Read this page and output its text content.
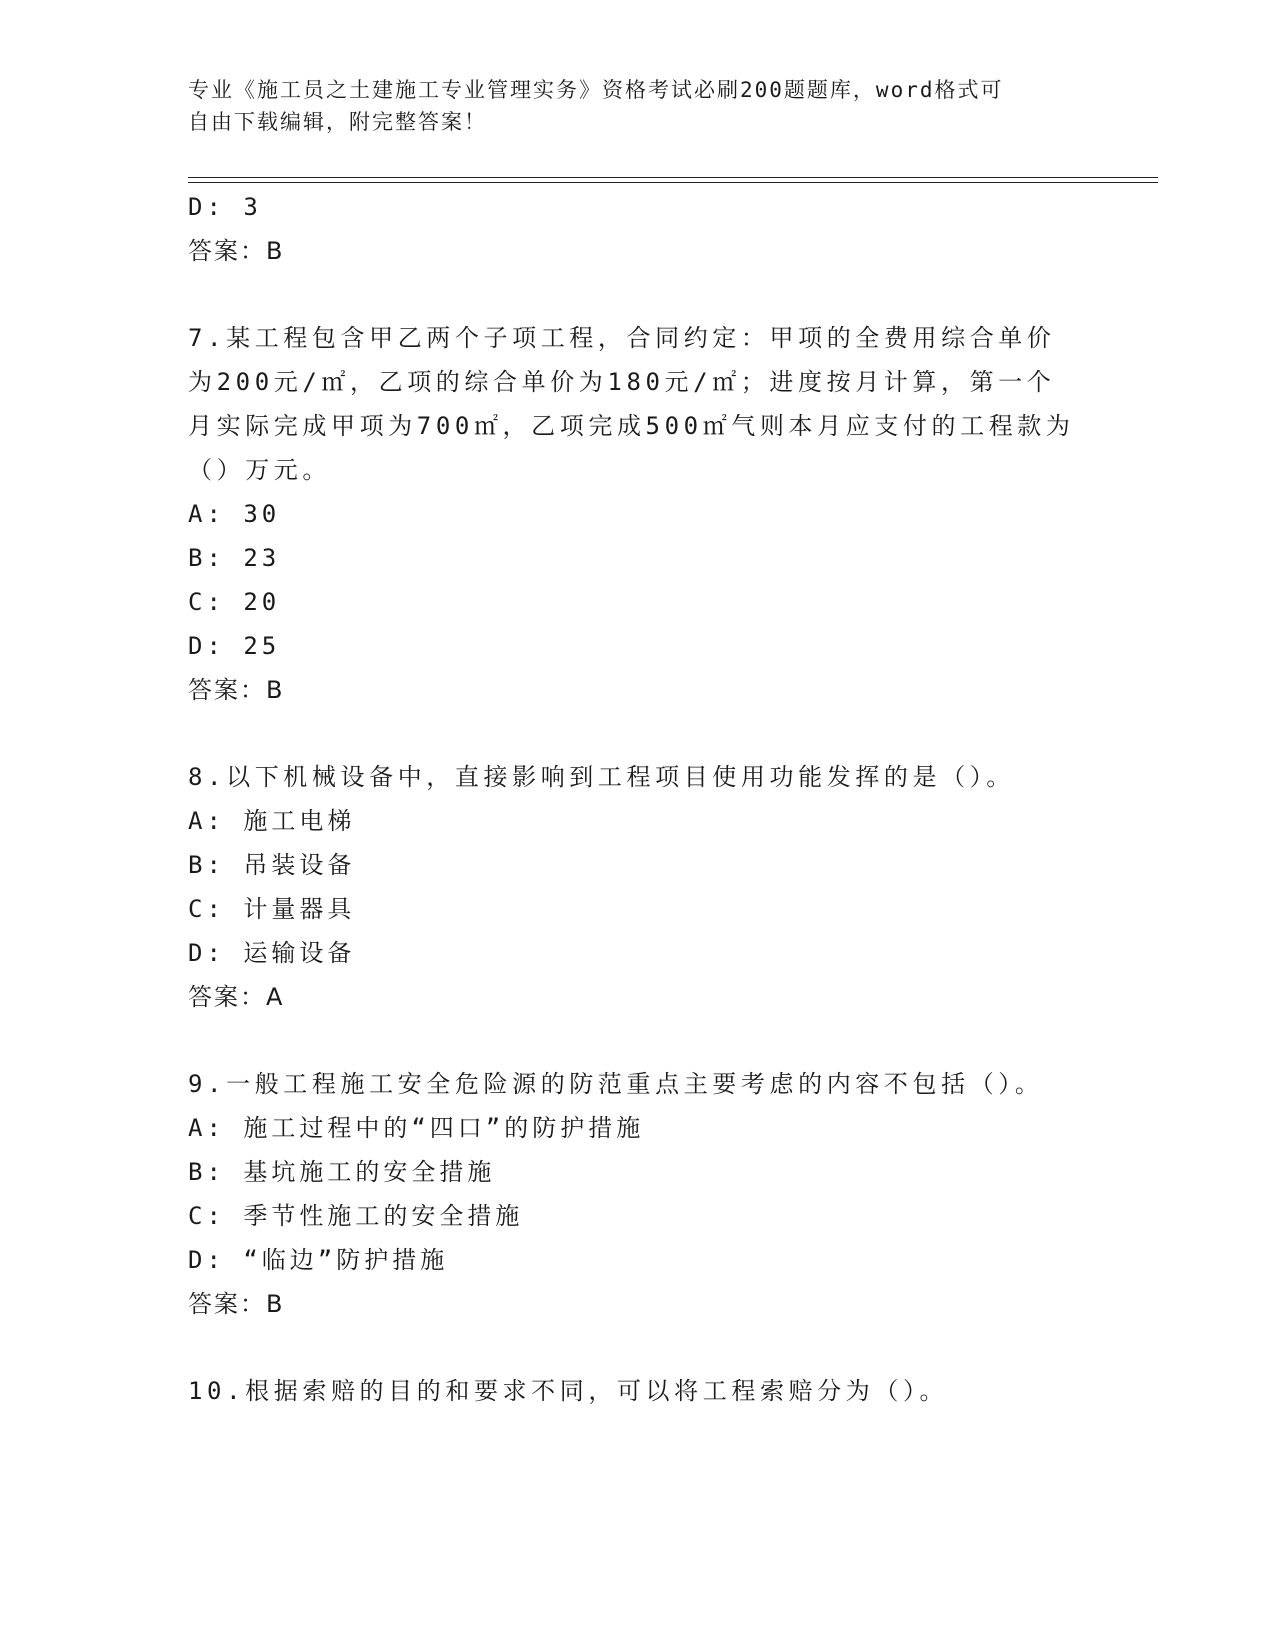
专业《施工员之土建施工专业管理实务》资格考试必刷200题题库，word格式可
自由下载编辑，附完整答案！
D: 3
答案：B
7.某工程包含甲乙两个子项工程，合同约定：甲项的全费用综合单价
为200元/㎡，乙项的综合单价为180元/㎡；进度按月计算，第一个
月实际完成甲项为700㎡，乙项完成500㎡气则本月应支付的工程款为
（）万元。
A: 30
B: 23
C: 20
D: 25
答案：B
8.以下机械设备中，直接影响到工程项目使用功能发挥的是（）。
A: 施工电梯
B: 吊装设备
C: 计量器具
D: 运输设备
答案：A
9.一般工程施工安全危险源的防范重点主要考虑的内容不包括（）。
A: 施工过程中的“四口”的防护措施
B: 基坑施工的安全措施
C: 季节性施工的安全措施
D: “临边”防护措施
答案：B
10.根据索赔的目的和要求不同，可以将工程索赔分为（）。
